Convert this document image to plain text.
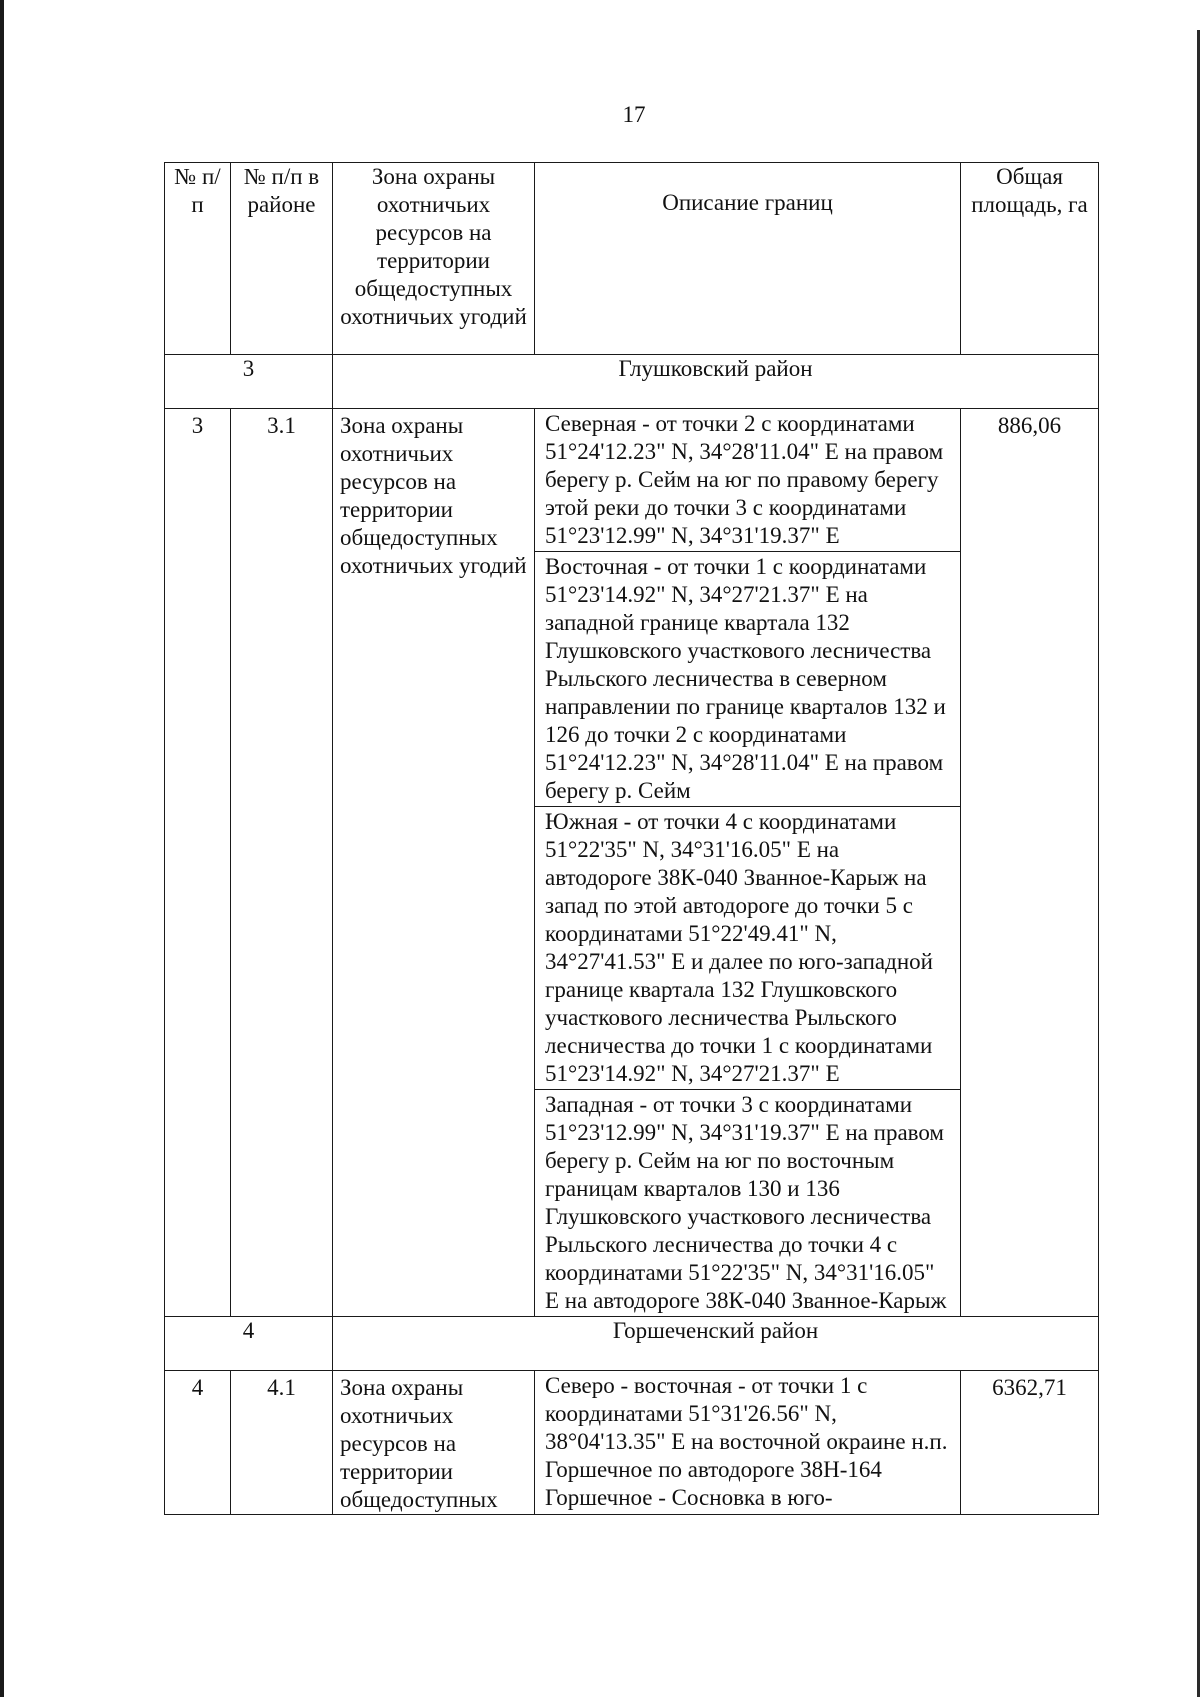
17
№ п/п	№ п/п в районе	Зона охраны охотничьих ресурсов на территории общедоступных охотничьих угодий	Описание границ	Общая площадь, га
3		Глушковский район		
3	3.1	Зона охраны охотничьих ресурсов на территории общедоступных охотничьих угодий	Северная - от точки 2 с координатами 51°24'12.23" N, 34°28'11.04" E на правом берегу р. Сейм на юг по правому берегу этой реки до точки 3 с координатами 51°23'12.99" N, 34°31'19.37" E	886,06
			Восточная - от точки 1 с координатами 51°23'14.92" N, 34°27'21.37" E на западной границе квартала 132 Глушковского участкового лесничества Рыльского лесничества в северном направлении по границе кварталов 132 и 126 до точки 2 с координатами 51°24'12.23" N, 34°28'11.04" E на правом берегу р. Сейм	
			Южная - от точки 4 с координатами 51°22'35" N, 34°31'16.05" E на автодороге 38К-040 Званное-Карыж на запад по этой автодороге до точки 5 с координатами 51°22'49.41" N, 34°27'41.53" E и далее по юго-западной границе квартала 132 Глушковского участкового лесничества Рыльского лесничества до точки 1 с координатами 51°23'14.92" N, 34°27'21.37" E	
			Западная - от точки 3 с координатами 51°23'12.99" N, 34°31'19.37" E на правом берегу р. Сейм на юг по восточным границам кварталов 130 и 136 Глушковского участкового лесничества Рыльского лесничества до точки 4 с координатами 51°22'35" N, 34°31'16.05" E на автодороге 38К-040 Званное-Карыж	
4		Горшеченский район		
4	4.1	Зона охраны охотничьих ресурсов на территории общедоступных	Северо - восточная - от точки 1 с координатами 51°31'26.56" N, 38°04'13.35" E на восточной окраине н.п. Горшечное по автодороге 38Н-164 Горшечное - Сосновка в юго-	6362,71
